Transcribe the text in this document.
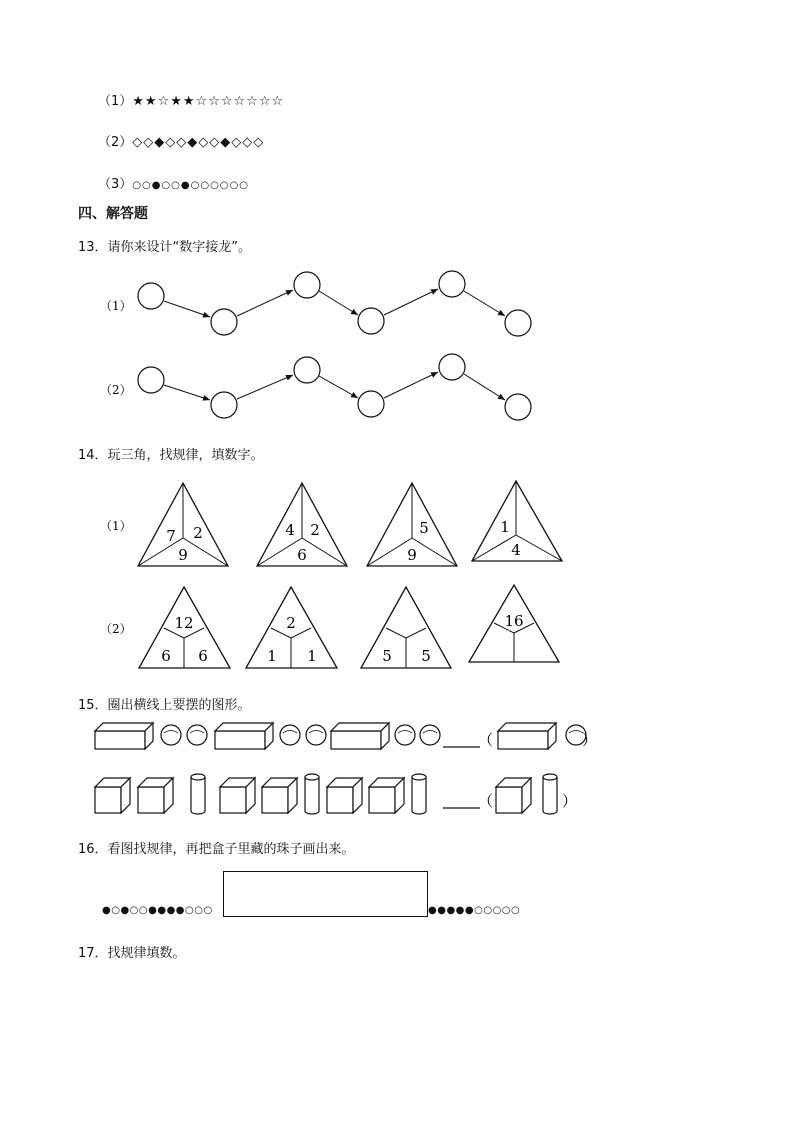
（1）★★☆★★☆☆☆☆☆☆☆
（2）◇◇◆◇◇◆◇◇◆◇◇◇
（3）○○●○○●○○○○○○
四、解答题
13．请你来设计“数字接龙”。
（1）
（2）
14．玩三角，找规律，填数字。
（1）
7 2
9
4 2
6
5
9
1
4
（2）	12
6 6
2
1 1	5 5
16
15．圈出横线上要摆的图形。
（	）
（	）
16．看图找规律，再把盒子里藏的珠子画出来。
●○●○○●●●●○○○	●●●●●○○○○○
17．找规律填数。
